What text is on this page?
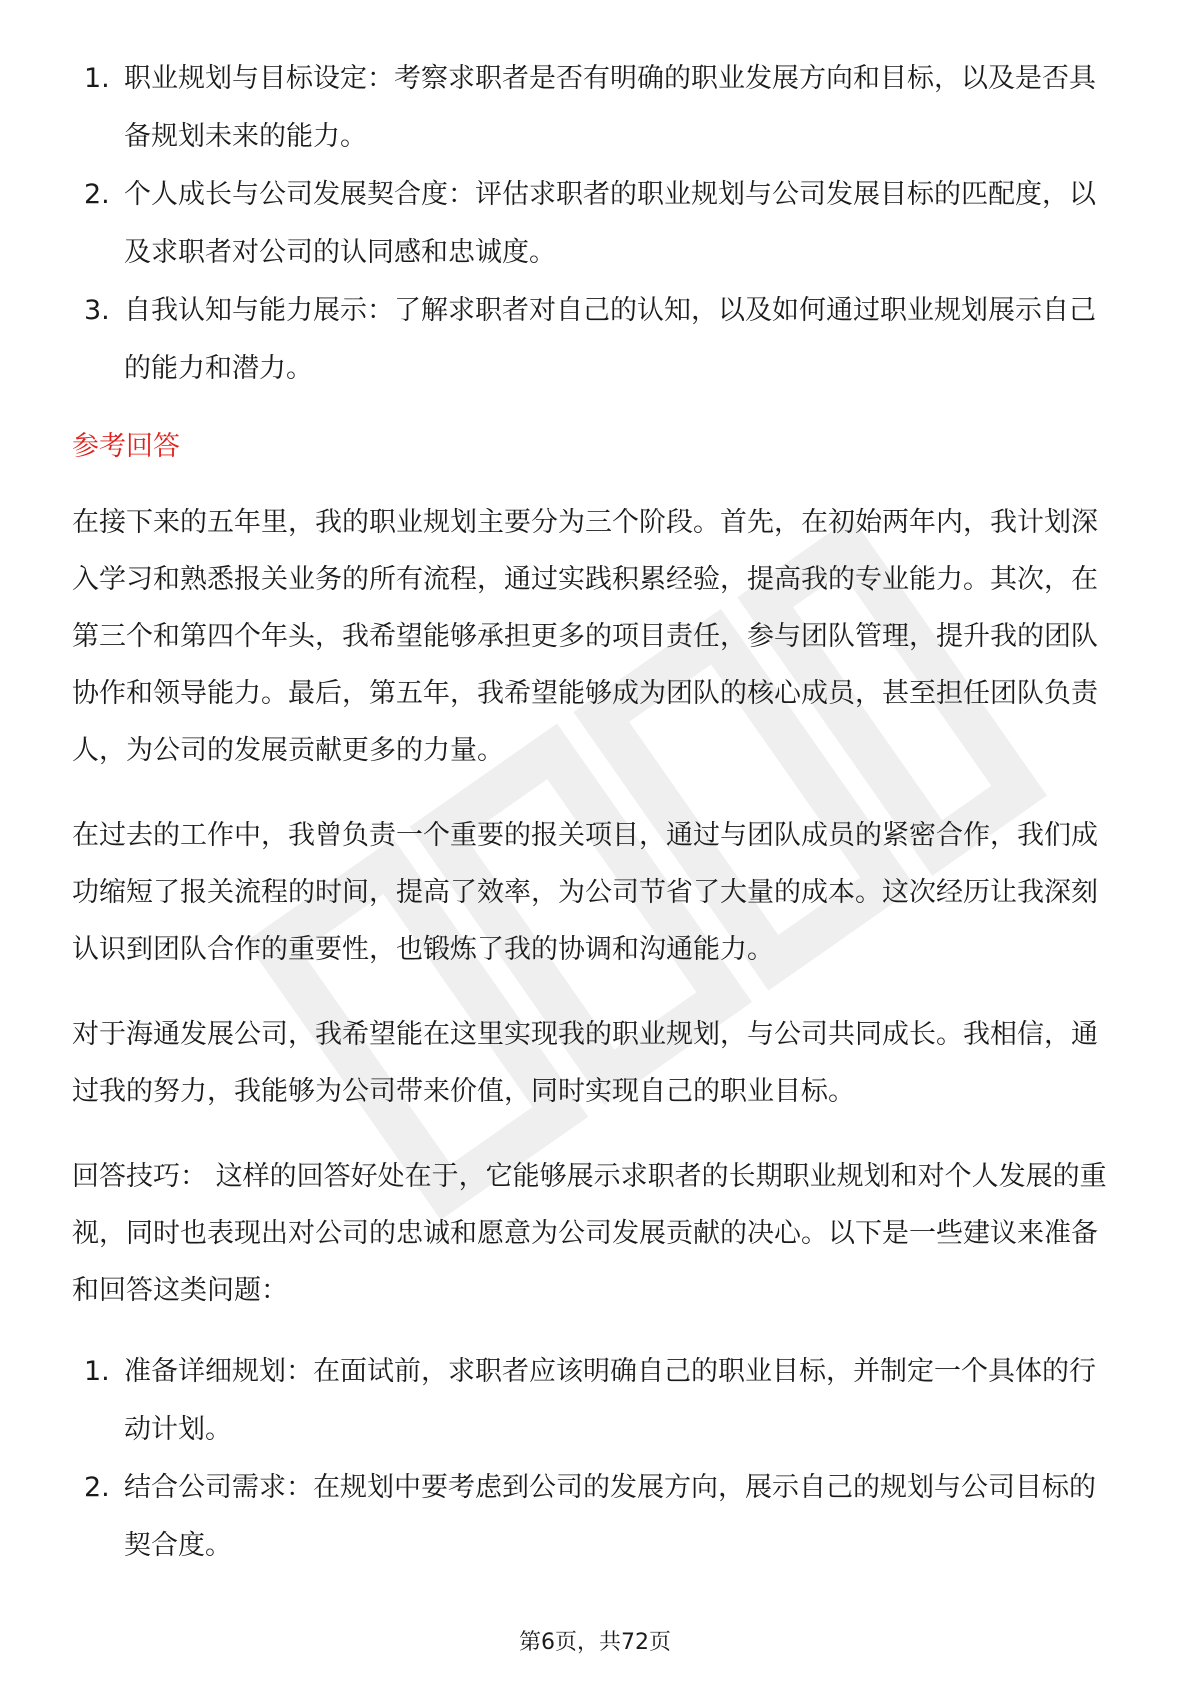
1. 职业规划与目标设定：考察求职者是否有明确的职业发展方向和目标，以及是否具备规划未来的能力。
2. 个人成长与公司发展契合度：评估求职者的职业规划与公司发展目标的匹配度，以及求职者对公司的认同感和忠诚度。
3. 自我认知与能力展示：了解求职者对自己的认知，以及如何通过职业规划展示自己的能力和潜力。
参考回答

在接下来的五年里，我的职业规划主要分为三个阶段。首先，在初始两年内，我计划深入学习和熟悉报关业务的所有流程，通过实践积累经验，提高我的专业能力。其次，在第三个和第四个年头，我希望能够承担更多的项目责任，参与团队管理，提升我的团队协作和领导能力。最后，第五年，我希望能够成为团队的核心成员，甚至担任团队负责人，为公司的发展贡献更多的力量。

在过去的工作中，我曾负责一个重要的报关项目，通过与团队成员的紧密合作，我们成功缩短了报关流程的时间，提高了效率，为公司节省了大量的成本。这次经历让我深刻认识到团队合作的重要性，也锻炼了我的协调和沟通能力。

对于海通发展公司，我希望能在这里实现我的职业规划，与公司共同成长。我相信，通过我的努力，我能够为公司带来价值，同时实现自己的职业目标。

回答技巧： 这样的回答好处在于，它能够展示求职者的长期职业规划和对个人发展的重视，同时也表现出对公司的忠诚和愿意为公司发展贡献的决心。以下是一些建议来准备和回答这类问题：

1. 准备详细规划：在面试前，求职者应该明确自己的职业目标，并制定一个具体的行动计划。
2. 结合公司需求：在规划中要考虑到公司的发展方向，展示自己的规划与公司目标的契合度。
第6页，共72页
